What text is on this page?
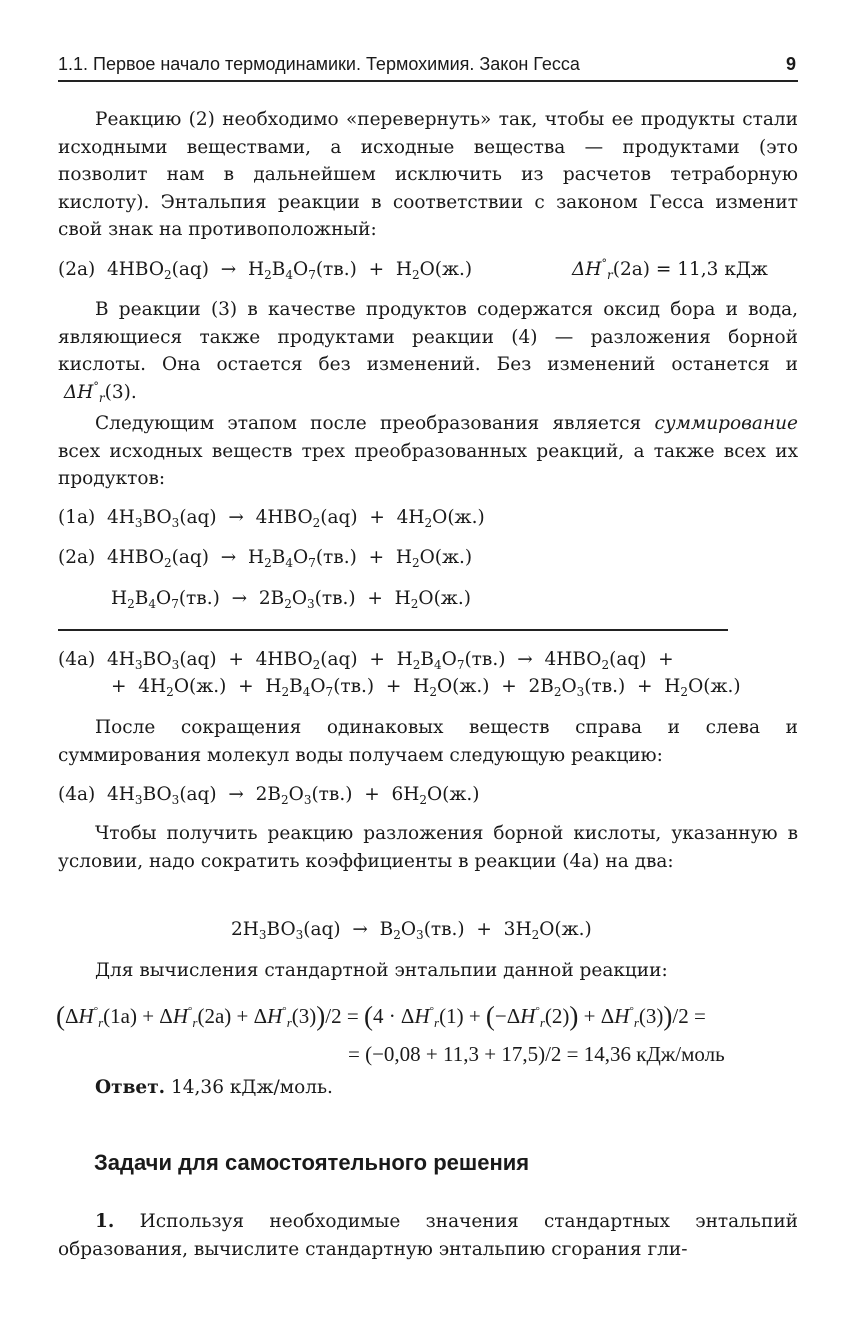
1.1. Первое начало термодинамики. Термохимия. Закон Гесса	9
Реакцию (2) необходимо «перевернуть» так, чтобы ее продукты стали исходными веществами, а исходные вещества — продуктами (это позволит нам в дальнейшем исключить из расчетов тетраборную кислоту). Энтальпия реакции в соответствии с законом Гесса изменит свой знак на противоположный:
(2а)  $4HBO_2(aq) \to H_2B_4O_7(тв.) + H_2O(ж.)$	$\Delta H^\circ_r(2а) = 11,3$ кДж
В реакции (3) в качестве продуктов содержатся оксид бора и вода, являющиеся также продуктами реакции (4) — разложения борной кислоты. Она остается без изменений. Без изменений останется и  $\Delta H^\circ_r(3)$.
Следующим этапом после преобразования является суммирование всех исходных веществ трех преобразованных реакций, а также всех их продуктов:
(1а)  $4H_3BO_3(aq) \to 4HBO_2(aq) + 4H_2O(ж.)$
(2а)  $4HBO_2(aq) \to H_2B_4O_7(тв.) + H_2O(ж.)$
$H_2B_4O_7(тв.) \to 2B_2O_3(тв.) + H_2O(ж.)$
(4а)  $4H_3BO_3(aq) + 4HBO_2(aq) + H_2B_4O_7(тв.) \to 4HBO_2(aq)$  +
+  $4H_2O(ж.) + H_2B_4O_7(тв.) + H_2O(ж.) + 2B_2O_3(тв.) + H_2O(ж.)$
После сокращения одинаковых веществ справа и слева и суммирования молекул воды получаем следующую реакцию:
(4а)  $4H_3BO_3(aq) \to 2B_2O_3(тв.) + 6H_2O(ж.)$
Чтобы получить реакцию разложения борной кислоты, указанную в условии, надо сократить коэффициенты в реакции (4а) на два:
$2H_3BO_3(aq) \to B_2O_3(тв.) + 3H_2O(ж.)$
Для вычисления стандартной энтальпии данной реакции:
$(\Delta H^\circ_r(1а) + \Delta H^\circ_r(2а) + \Delta H^\circ_r(3))/2 = (4 \cdot \Delta H^\circ_r(1) + (-\Delta H^\circ_r(2)) + \Delta H^\circ_r(3))/2$ =
= (−0,08 + 11,3 + 17,5)/2 = 14,36 кДж/моль
Ответ. 14,36 кДж/моль.
Задачи для самостоятельного решения
1. Используя необходимые значения стандартных энтальпий образования, вычислите стандартную энтальпию сгорания гли-
